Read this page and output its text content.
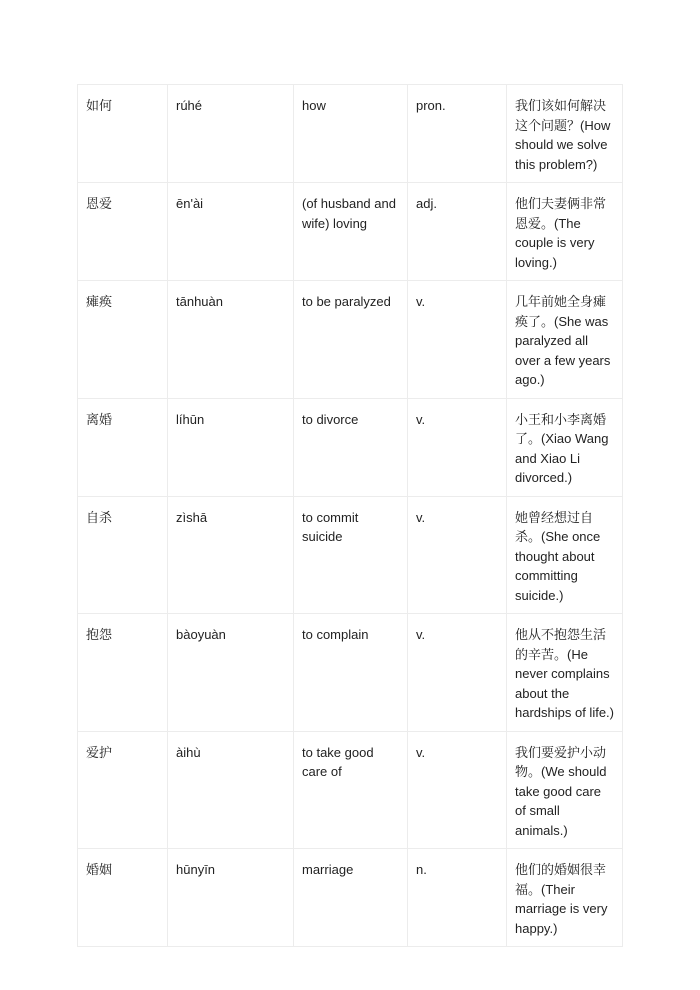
如何	rúhé	how	pron.	我们该如何解决这个问题？(How should we solve this problem?)
恩爱	ēn'ài	(of husband and wife) loving	adj.	他们夫妻俩非常恩爱。(The couple is very loving.)
瘫痪	tānhuàn	to be paralyzed	v.	几年前她全身瘫痪了。(She was paralyzed all over a few years ago.)
离婚	líhūn	to divorce	v.	小王和小李离婚了。(Xiao Wang and Xiao Li divorced.)
自杀	zìshā	to commit suicide	v.	她曾经想过自杀。(She once thought about committing suicide.)
抱怨	bàoyuàn	to complain	v.	他从不抱怨生活的辛苦。(He never complains about the hardships of life.)
爱护	àihù	to take good care of	v.	我们要爱护小动物。(We should take good care of small animals.)
婚姻	hūnyīn	marriage	n.	他们的婚姻很幸福。(Their marriage is very happy.)
